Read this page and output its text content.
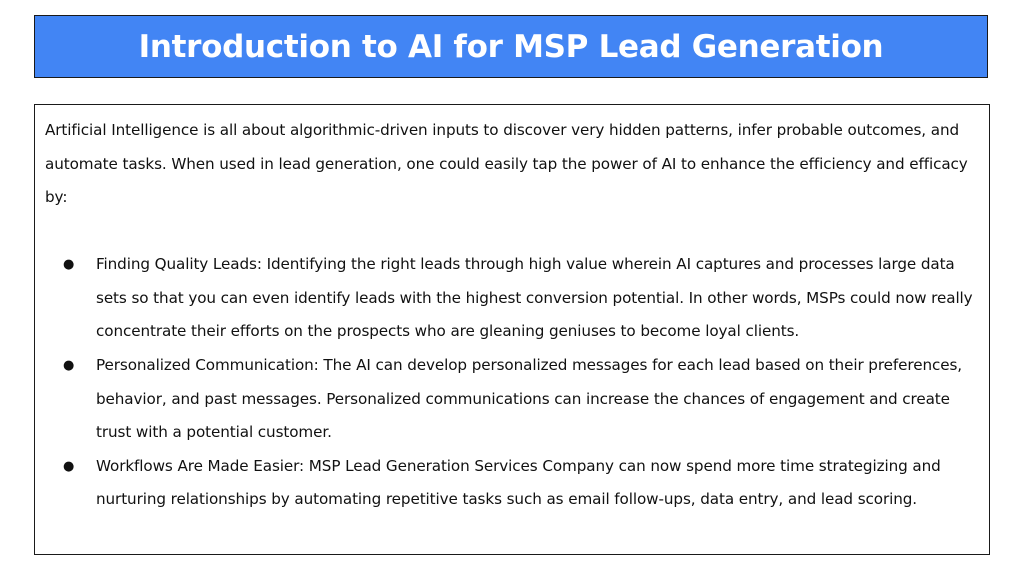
Introduction to AI for MSP Lead Generation

Artificial Intelligence is all about algorithmic-driven inputs to discover very hidden patterns, infer probable outcomes, and automate tasks. When used in lead generation, one could easily tap the power of AI to enhance the efficiency and efficacy by:

● Finding Quality Leads: Identifying the right leads through high value wherein AI captures and processes large data sets so that you can even identify leads with the highest conversion potential. In other words, MSPs could now really concentrate their efforts on the prospects who are gleaning geniuses to become loyal clients.
● Personalized Communication: The AI can develop personalized messages for each lead based on their preferences, behavior, and past messages. Personalized communications can increase the chances of engagement and create trust with a potential customer.
● Workflows Are Made Easier: MSP Lead Generation Services Company can now spend more time strategizing and nurturing relationships by automating repetitive tasks such as email follow-ups, data entry, and lead scoring.
